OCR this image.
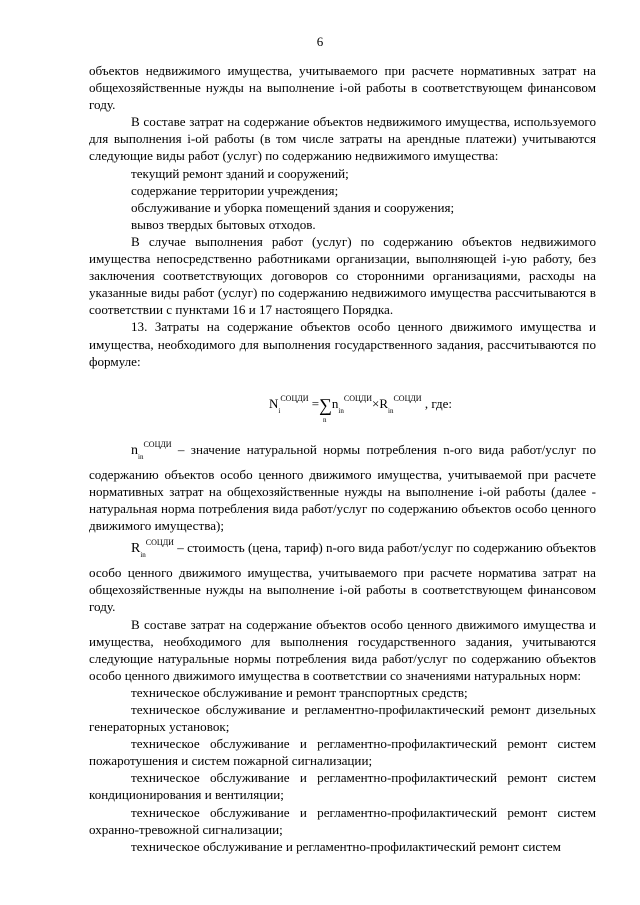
6

объектов недвижимого имущества, учитываемого при расчете нормативных затрат на общехозяйственные нужды на выполнение i-ой работы в соответствующем финансовом году.

В составе затрат на содержание объектов недвижимого имущества, используемого для выполнения i-ой работы (в том числе затраты на арендные платежи) учитываются следующие виды работ (услуг) по содержанию недвижимого имущества:

текущий ремонт зданий и сооружений;

содержание территории учреждения;

обслуживание и уборка помещений здания и сооружения;

вывоз твердых бытовых отходов.

В случае выполнения работ (услуг) по содержанию объектов недвижимого имущества непосредственно работниками организации, выполняющей i-ую работу, без заключения соответствующих договоров со сторонними организациями, расходы на указанные виды работ (услуг) по содержанию недвижимого имущества рассчитываются в соответствии с пунктами 16 и 17 настоящего Порядка.

13. Затраты на содержание объектов особо ценного движимого имущества и имущества, необходимого для выполнения государственного задания, рассчитываются по формуле:

$N_i^{СОЦДИ} =\sum n_{in}^{СОЦДИ}\times R_{in}^{СОЦДИ}$ , где:
n

$n_{in}^{СОЦДИ}$ – значение натуральной нормы потребления n-ого вида работ/услуг по содержанию объектов особо ценного движимого имущества, учитываемой при расчете нормативных затрат на общехозяйственные нужды на выполнение i-ой работы (далее - натуральная норма потребления вида работ/услуг по содержанию объектов особо ценного движимого имущества);

$R_{in}^{СОЦДИ}$ – стоимость (цена, тариф) n-ого вида работ/услуг по содержанию объектов особо ценного движимого имущества, учитываемого при расчете норматива затрат на общехозяйственные нужды на выполнение i-ой работы в соответствующем финансовом году.

В составе затрат на содержание объектов особо ценного движимого имущества и имущества, необходимого для выполнения государственного задания, учитываются следующие натуральные нормы потребления вида работ/услуг по содержанию объектов особо ценного движимого имущества в соответствии со значениями натуральных норм:

техническое обслуживание и ремонт транспортных средств;

техническое обслуживание и регламентно-профилактический ремонт дизельных генераторных установок;

техническое обслуживание и регламентно-профилактический ремонт систем пожаротушения и систем пожарной сигнализации;

техническое обслуживание и регламентно-профилактический ремонт систем кондиционирования и вентиляции;

техническое обслуживание и регламентно-профилактический ремонт систем охранно-тревожной сигнализации;

техническое обслуживание и регламентно-профилактический ремонт систем
